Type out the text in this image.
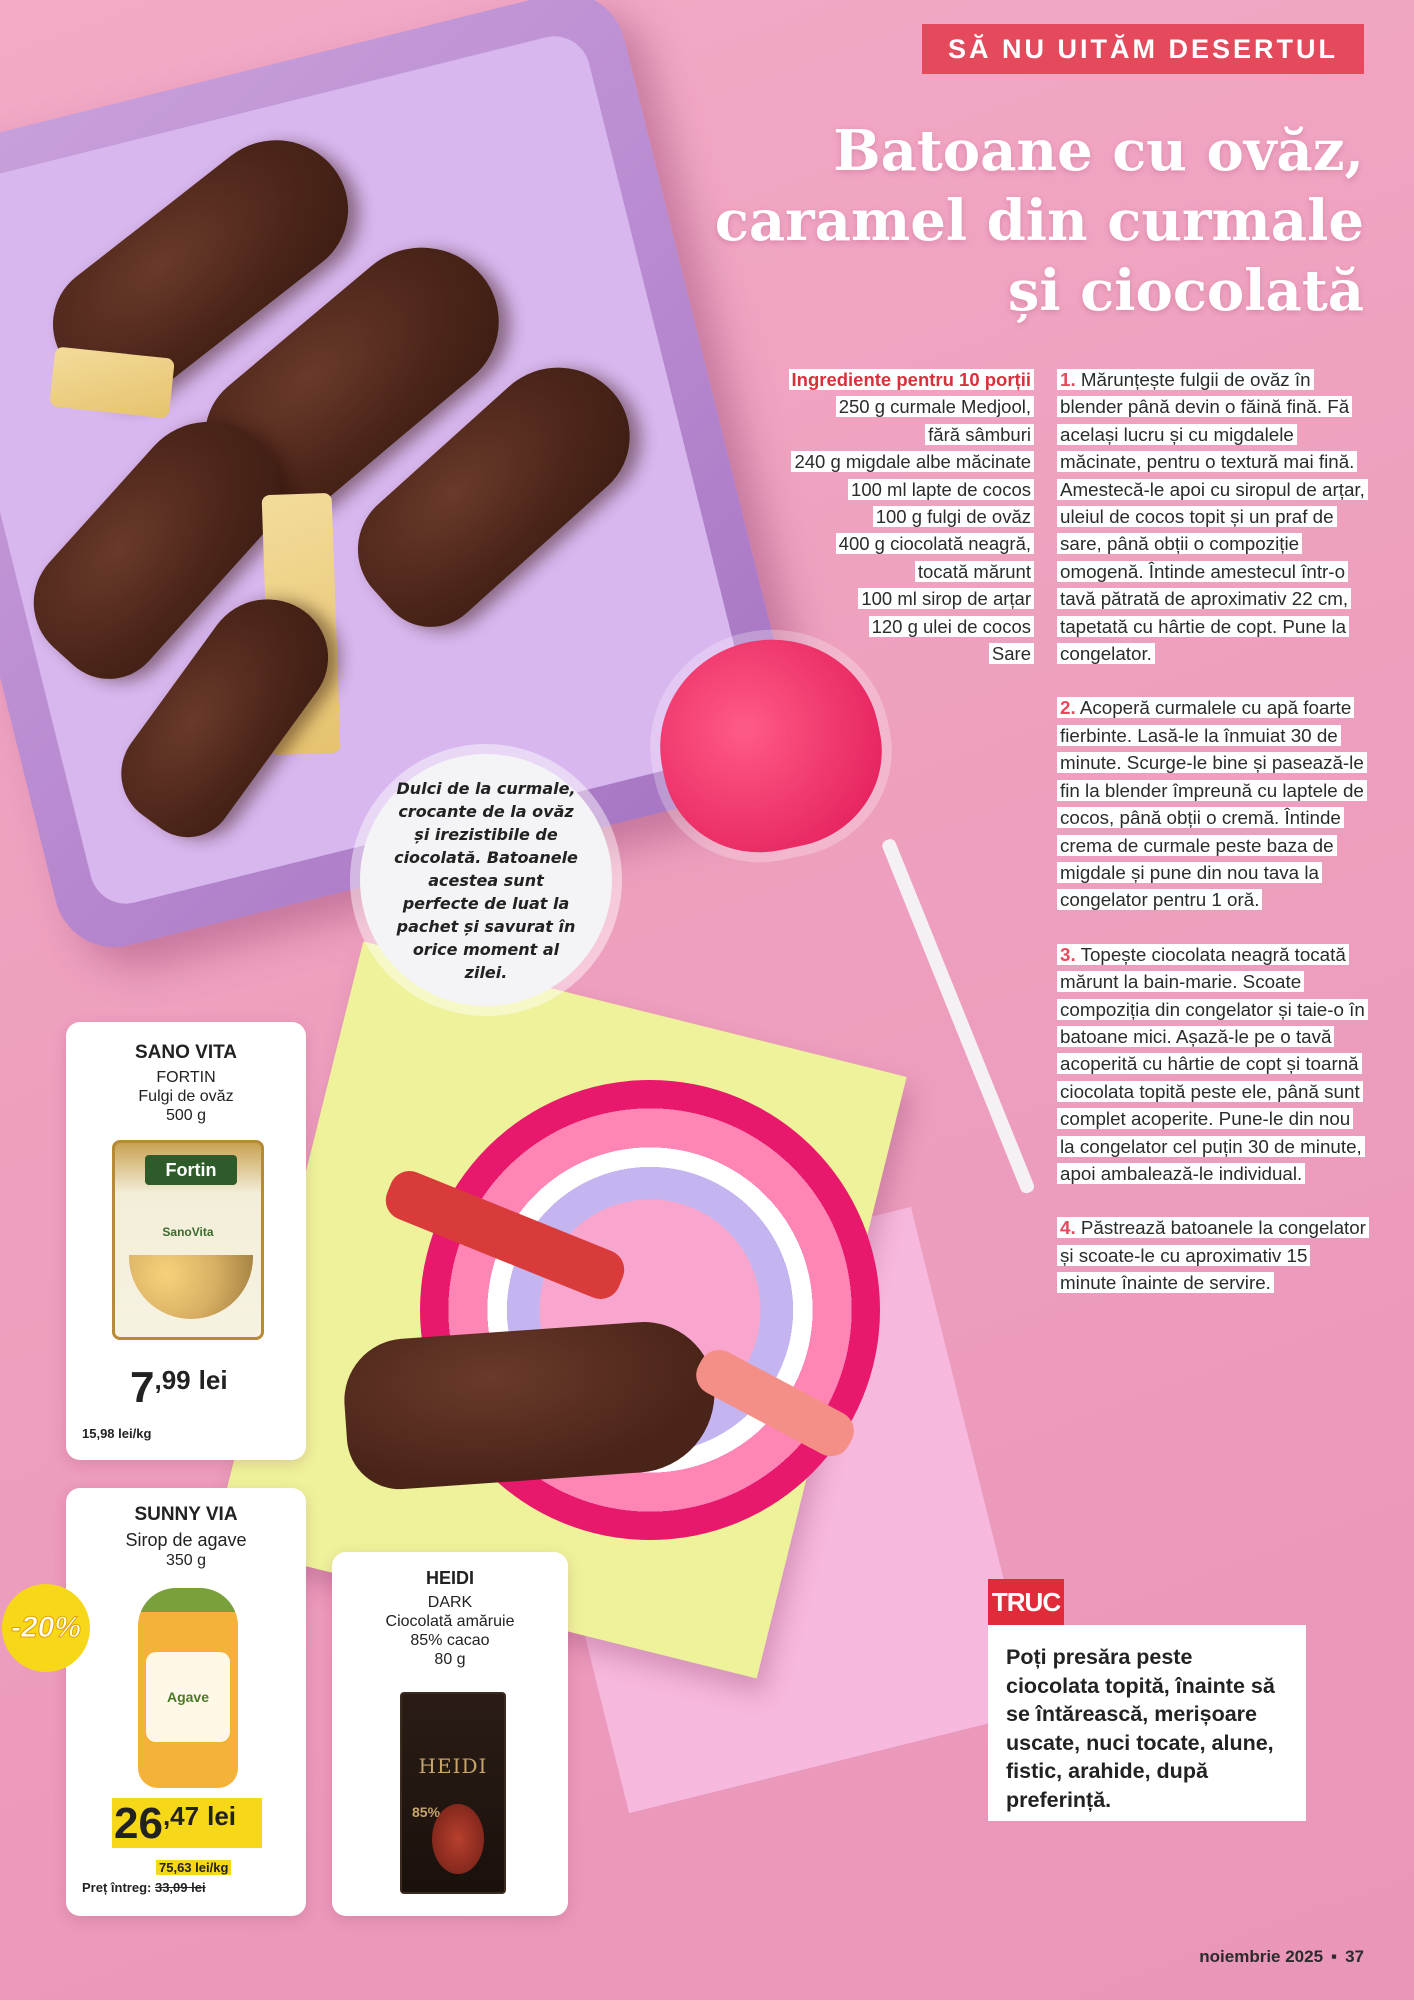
SĂ NU UITĂM DESERTUL
Batoane cu ovăz,
caramel din curmale
și ciocolată
Ingrediente pentru 10 porții
250 g curmale Medjool,
fără sâmburi
240 g migdale albe măcinate
100 ml lapte de cocos
100 g fulgi de ovăz
400 g ciocolată neagră,
tocată mărunt
100 ml sirop de arțar
120 g ulei de cocos
Sare
1. Mărunțește fulgii de ovăz în blender până devin o făină fină. Fă același lucru și cu migdalele măcinate, pentru o textură mai fină. Amestecă-le apoi cu siropul de arțar, uleiul de cocos topit și un praf de sare, până obții o compoziție omogenă. Întinde amestecul într-o tavă pătrată de aproximativ 22 cm, tapetată cu hârtie de copt. Pune la congelator.
2. Acoperă curmalele cu apă foarte fierbinte. Lasă-le la înmuiat 30 de minute. Scurge-le bine și pasează-le fin la blender împreună cu laptele de cocos, până obții o cremă. Întinde crema de curmale peste baza de migdale și pune din nou tava la congelator pentru 1 oră.
3. Topește ciocolata neagră tocată mărunt la bain-marie. Scoate compoziția din congelator și taie-o în batoane mici. Așază-le pe o tavă acoperită cu hârtie de copt și toarnă ciocolata topită peste ele, până sunt complet acoperite. Pune-le din nou la congelator cel puțin 30 de minute, apoi ambalează-le individual.
4. Păstrează batoanele la congelator și scoate-le cu aproximativ 15 minute înainte de servire.
Dulci de la curmale, crocante de la ovăz și irezistibile de ciocolată. Batoanele acestea sunt perfecte de luat la pachet și savurat în orice moment al zilei.
SANO VITA
FORTIN
Fulgi de ovăz
500 g
Fortin
SanoVita
7 ,99 lei
15,98 lei/kg
SUNNY VIA
Sirop de agave
350 g
Agave
26 ,47 lei
75,63 lei/kg
Preț întreg: 33,09 lei
-20%
HEIDI
DARK
Ciocolată amăruie
85% cacao
80 g
HEIDI
85%
TRUC
Poți presăra peste ciocolata topită, înainte să se întărească, merișoare uscate, nuci tocate, alune, fistic, arahide, după preferință.
noiembrie 2025 ▪ 37
